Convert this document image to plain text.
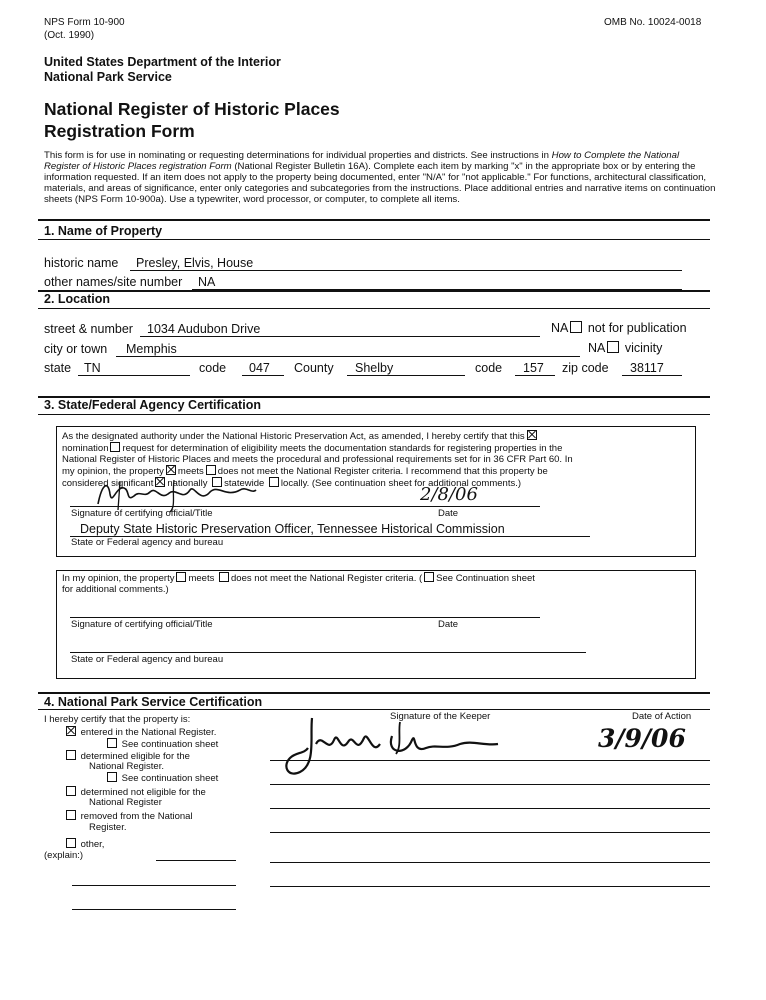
NPS Form 10-900
(Oct. 1990)
OMB No. 10024-0018
United States Department of the Interior
National Park Service
National Register of Historic Places
Registration Form
This form is for use in nominating or requesting determinations for individual properties and districts. See instructions in How to Complete the National Register of Historic Places registration Form (National Register Bulletin 16A). Complete each item by marking "x" in the appropriate box or by entering the information requested. If an item does not apply to the property being documented, enter "N/A" for "not applicable." For functions, architectural classification, materials, and areas of significance, enter only categories and subcategories from the instructions. Place additional entries and narrative items on continuation sheets (NPS Form 10-900a). Use a typewriter, word processor, or computer, to complete all items.
1. Name of Property
historic name Presley, Elvis, House
other names/site number NA
2. Location
street & number 1034 Audubon Drive	NA not for publication
city or town Memphis	NA vicinity
state TN	code 047 County Shelby	code 157 zip code 38117
3. State/Federal Agency Certification
As the designated authority under the National Historic Preservation Act, as amended, I hereby certify that this
nomination request for determination of eligibility meets the documentation standards for registering properties in the
National Register of Historic Places and meets the procedural and professional requirements set for in 36 CFR Part 60. In
my opinion, the property meets does not meet the National Register criteria. I recommend that this property be
considered significant nationally statewide locally. (See continuation sheet for additional comments.)
2/8/06
Signature of certifying official/Title	Date
Deputy State Historic Preservation Officer, Tennessee Historical Commission
State or Federal agency and bureau
In my opinion, the property meets does not meet the National Register criteria. ( See Continuation sheet
for additional comments.)
Signature of certifying official/Title	Date
State or Federal agency and bureau
4. National Park Service Certification
I hereby certify that the property is:
entered in the National Register.
See continuation sheet
determined eligible for the
National Register.
See continuation sheet
determined not eligible for the
National Register
removed from the National
Register.
other,
(explain:)
Signature of the Keeper	Date of Action
3/9/06
